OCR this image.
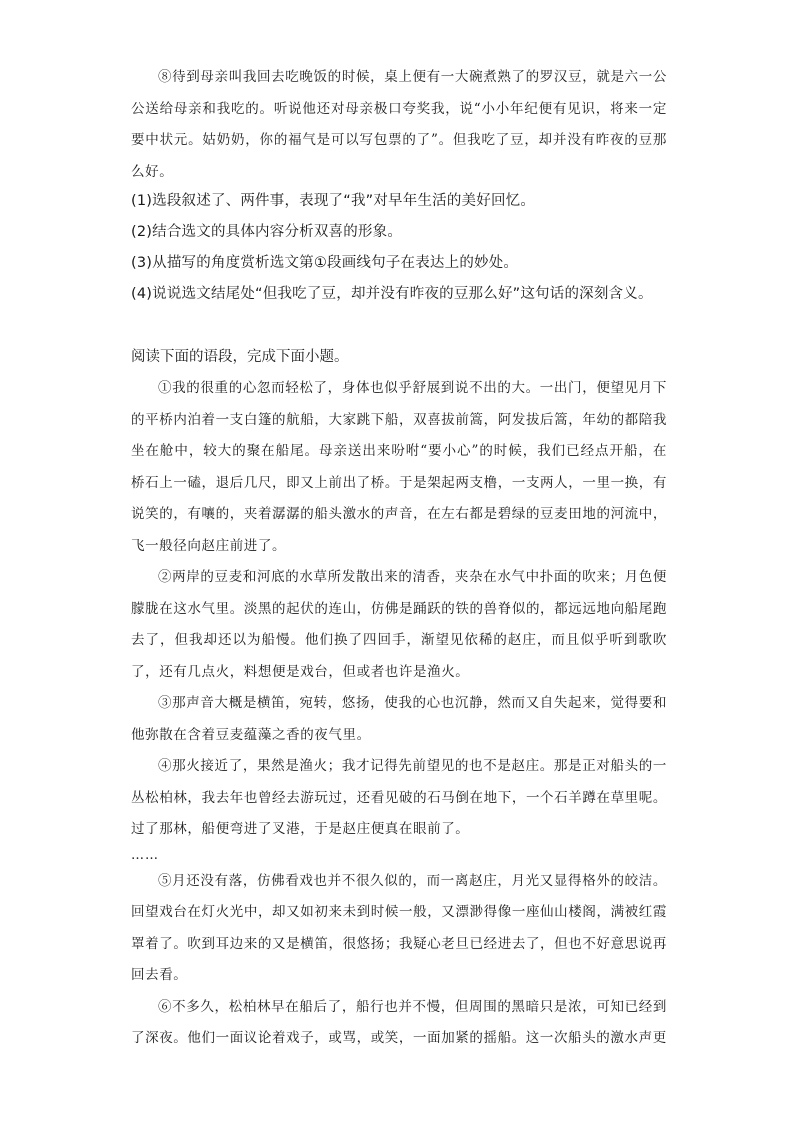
⑧待到母亲叫我回去吃晚饭的时候，桌上便有一大碗煮熟了的罗汉豆，就是六一公公送给母亲和我吃的。听说他还对母亲极口夸奖我，说“小小年纪便有见识，将来一定要中状元。姑奶奶，你的福气是可以写包票的了”。但我吃了豆，却并没有昨夜的豆那么好。

(1)选段叙述了、两件事，表现了“我”对早年生活的美好回忆。

(2)结合选文的具体内容分析双喜的形象。

(3)从描写的角度赏析选文第①段画线句子在表达上的妙处。

(4)说说选文结尾处“但我吃了豆，却并没有昨夜的豆那么好”这句话的深刻含义。

阅读下面的语段，完成下面小题。

①我的很重的心忽而轻松了，身体也似乎舒展到说不出的大。一出门，便望见月下的平桥内泊着一支白篷的航船，大家跳下船，双喜拔前篙，阿发拔后篙，年幼的都陪我坐在舱中，较大的聚在船尾。母亲送出来吩咐“要小心”的时候，我们已经点开船，在桥石上一磕，退后几尺，即又上前出了桥。于是架起两支橹，一支两人，一里一换，有说笑的，有嚷的，夹着潺潺的船头激水的声音，在左右都是碧绿的豆麦田地的河流中，飞一般径向赵庄前进了。

②两岸的豆麦和河底的水草所发散出来的清香，夹杂在水气中扑面的吹来；月色便朦胧在这水气里。淡黑的起伏的连山，仿佛是踊跃的铁的兽脊似的，都远远地向船尾跑去了，但我却还以为船慢。他们换了四回手，渐望见依稀的赵庄，而且似乎听到歌吹了，还有几点火，料想便是戏台，但或者也许是渔火。

③那声音大概是横笛，宛转，悠扬，使我的心也沉静，然而又自失起来，觉得要和他弥散在含着豆麦蕴藻之香的夜气里。

④那火接近了，果然是渔火；我才记得先前望见的也不是赵庄。那是正对船头的一丛松柏林，我去年也曾经去游玩过，还看见破的石马倒在地下，一个石羊蹲在草里呢。过了那林，船便弯进了叉港，于是赵庄便真在眼前了。

……

⑤月还没有落，仿佛看戏也并不很久似的，而一离赵庄，月光又显得格外的皎洁。回望戏台在灯火光中，却又如初来未到时候一般，又漂渺得像一座仙山楼阁，满被红霞罩着了。吹到耳边来的又是横笛，很悠扬；我疑心老旦已经进去了，但也不好意思说再回去看。

⑥不多久，松柏林早在船后了，船行也并不慢，但周围的黑暗只是浓，可知已经到了深夜。他们一面议论着戏子，或骂，或笑，一面加紧的摇船。这一次船头的激水声更
